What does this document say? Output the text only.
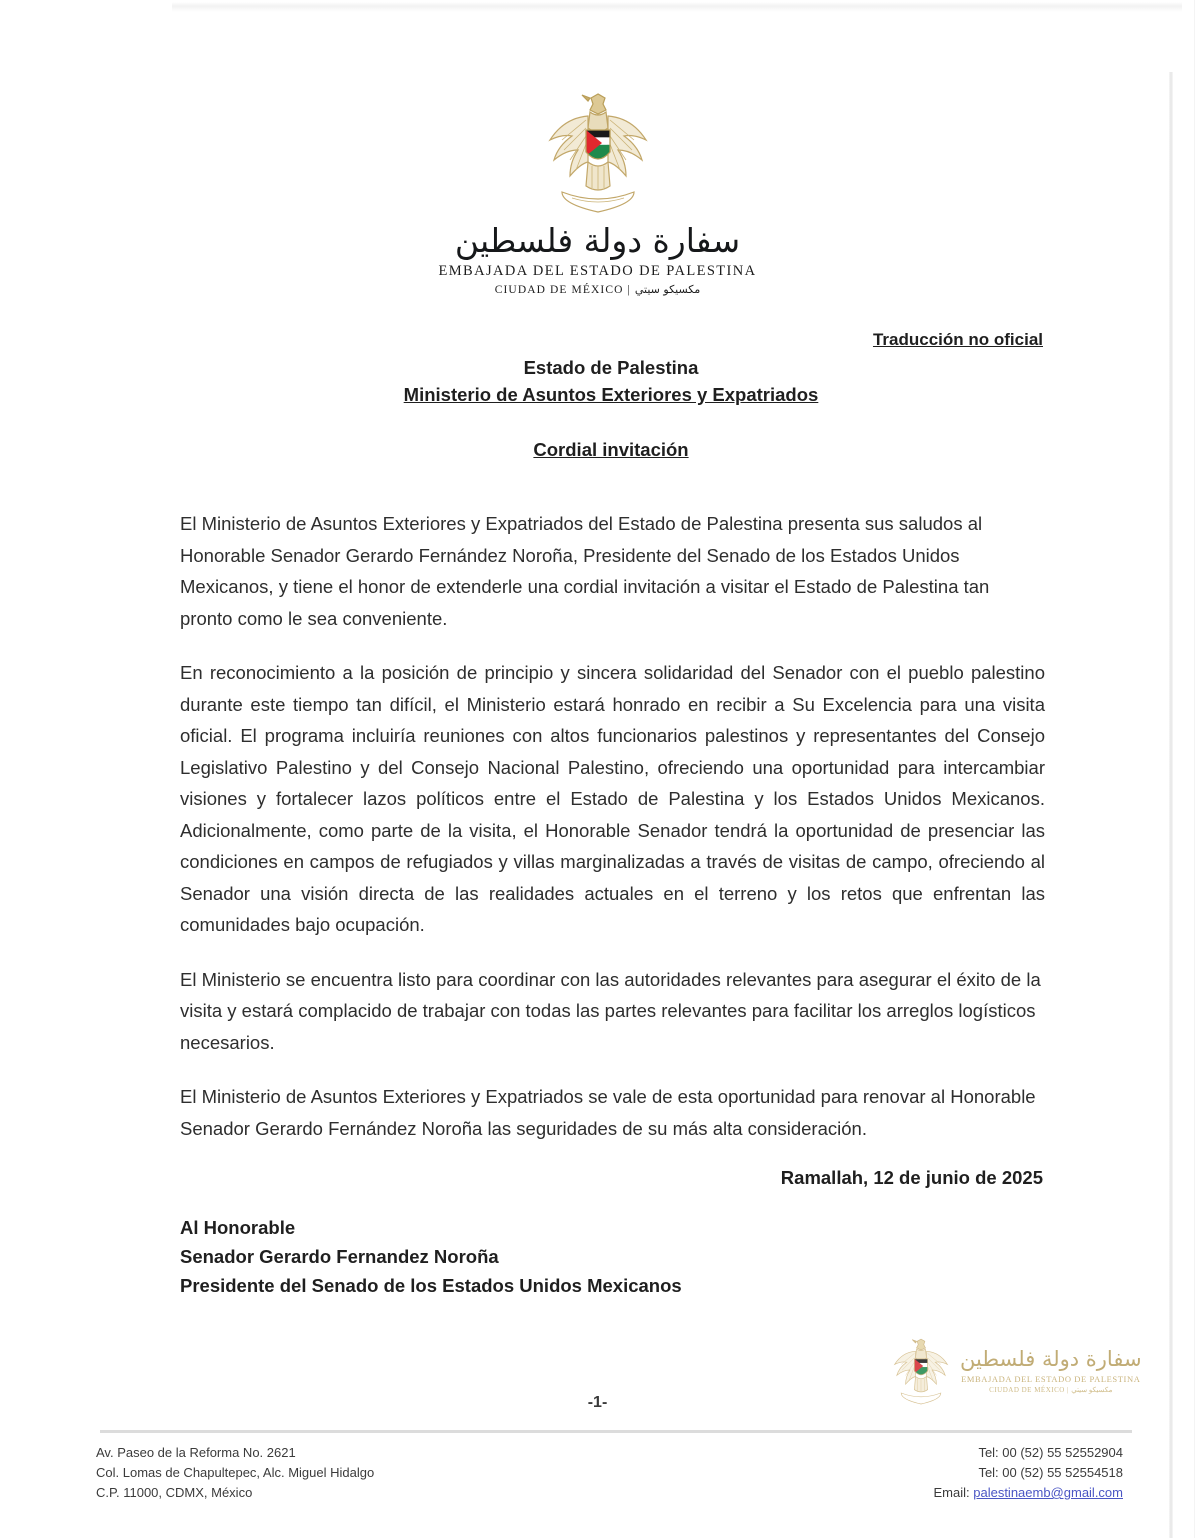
سفارة دولة فلسطين
EMBAJADA DEL ESTADO DE PALESTINA
CIUDAD DE MÉXICO | مكسيكو سيتي
Traducción no oficial
Estado de Palestina
Ministerio de Asuntos Exteriores y Expatriados
Cordial invitación

El Ministerio de Asuntos Exteriores y Expatriados del Estado de Palestina presenta sus saludos al Honorable Senador Gerardo Fernández Noroña, Presidente del Senado de los Estados Unidos Mexicanos, y tiene el honor de extenderle una cordial invitación a visitar el Estado de Palestina tan pronto como le sea conveniente.

En reconocimiento a la posición de principio y sincera solidaridad del Senador con el pueblo palestino durante este tiempo tan difícil, el Ministerio estará honrado en recibir a Su Excelencia para una visita oficial. El programa incluiría reuniones con altos funcionarios palestinos y representantes del Consejo Legislativo Palestino y del Consejo Nacional Palestino, ofreciendo una oportunidad para intercambiar visiones y fortalecer lazos políticos entre el Estado de Palestina y los Estados Unidos Mexicanos. Adicionalmente, como parte de la visita, el Honorable Senador tendrá la oportunidad de presenciar las condiciones en campos de refugiados y villas marginalizadas a través de visitas de campo, ofreciendo al Senador una visión directa de las realidades actuales en el terreno y los retos que enfrentan las comunidades bajo ocupación.

El Ministerio se encuentra listo para coordinar con las autoridades relevantes para asegurar el éxito de la visita y estará complacido de trabajar con todas las partes relevantes para facilitar los arreglos logísticos necesarios.

El Ministerio de Asuntos Exteriores y Expatriados se vale de esta oportunidad para renovar al Honorable Senador Gerardo Fernández Noroña las seguridades de su más alta consideración.

Ramallah, 12 de junio de 2025
Al Honorable
Senador Gerardo Fernandez Noroña
Presidente del Senado de los Estados Unidos Mexicanos
سفارة دولة فلسطين
EMBAJADA DEL ESTADO DE PALESTINA
CIUDAD DE MÉXICO | مكسيكو سيتي
-1-
Av. Paseo de la Reforma No. 2621
Col. Lomas de Chapultepec, Alc. Miguel Hidalgo
C.P. 11000, CDMX, México
Tel: 00 (52) 55 52552904
Tel: 00 (52) 55 52554518
Email: palestinaemb@gmail.com
